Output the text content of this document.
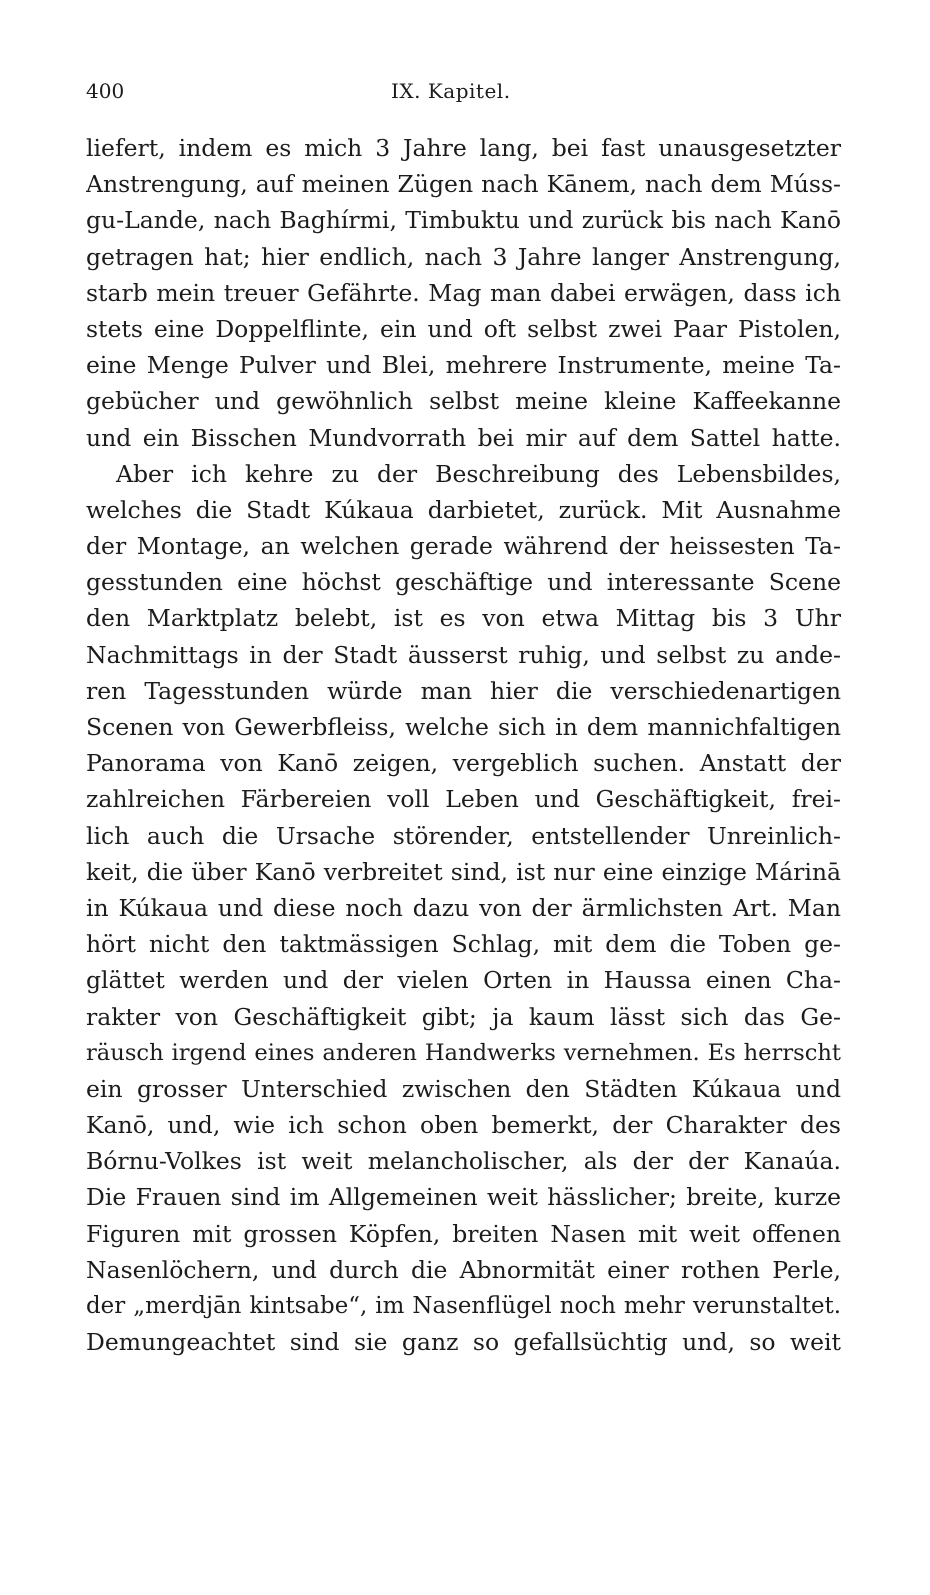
400	IX. Kapitel.
liefert, indem es mich 3 Jahre lang, bei fast unausgesetzter
Anstrengung, auf meinen Zügen nach Kānem, nach dem Múss-
gu-Lande, nach Baghírmi, Timbuktu und zurück bis nach Kanō
getragen hat; hier endlich, nach 3 Jahre langer Anstrengung,
starb mein treuer Gefährte. Mag man dabei erwägen, dass ich
stets eine Doppelflinte, ein und oft selbst zwei Paar Pistolen,
eine Menge Pulver und Blei, mehrere Instrumente, meine Ta-
gebücher und gewöhnlich selbst meine kleine Kaffeekanne
und ein Bisschen Mundvorrath bei mir auf dem Sattel hatte.
Aber ich kehre zu der Beschreibung des Lebensbildes,
welches die Stadt Kúkaua darbietet, zurück. Mit Ausnahme
der Montage, an welchen gerade während der heissesten Ta-
gesstunden eine höchst geschäftige und interessante Scene
den Marktplatz belebt, ist es von etwa Mittag bis 3 Uhr
Nachmittags in der Stadt äusserst ruhig, und selbst zu ande-
ren Tagesstunden würde man hier die verschiedenartigen
Scenen von Gewerbfleiss, welche sich in dem mannichfaltigen
Panorama von Kanō zeigen, vergeblich suchen. Anstatt der
zahlreichen Färbereien voll Leben und Geschäftigkeit, frei-
lich auch die Ursache störender, entstellender Unreinlich-
keit, die über Kanō verbreitet sind, ist nur eine einzige Márinā
in Kúkaua und diese noch dazu von der ärmlichsten Art. Man
hört nicht den taktmässigen Schlag, mit dem die Toben ge-
glättet werden und der vielen Orten in Haussa einen Cha-
rakter von Geschäftigkeit gibt; ja kaum lässt sich das Ge-
räusch irgend eines anderen Handwerks vernehmen. Es herrscht
ein grosser Unterschied zwischen den Städten Kúkaua und
Kanō, und, wie ich schon oben bemerkt, der Charakter des
Bórnu-Volkes ist weit melancholischer, als der der Kanaúa.
Die Frauen sind im Allgemeinen weit hässlicher; breite, kurze
Figuren mit grossen Köpfen, breiten Nasen mit weit offenen
Nasenlöchern, und durch die Abnormität einer rothen Perle,
der „merdjān kintsabe“, im Nasenflügel noch mehr verunstaltet.
Demungeachtet sind sie ganz so gefallsüchtig und, so weit
